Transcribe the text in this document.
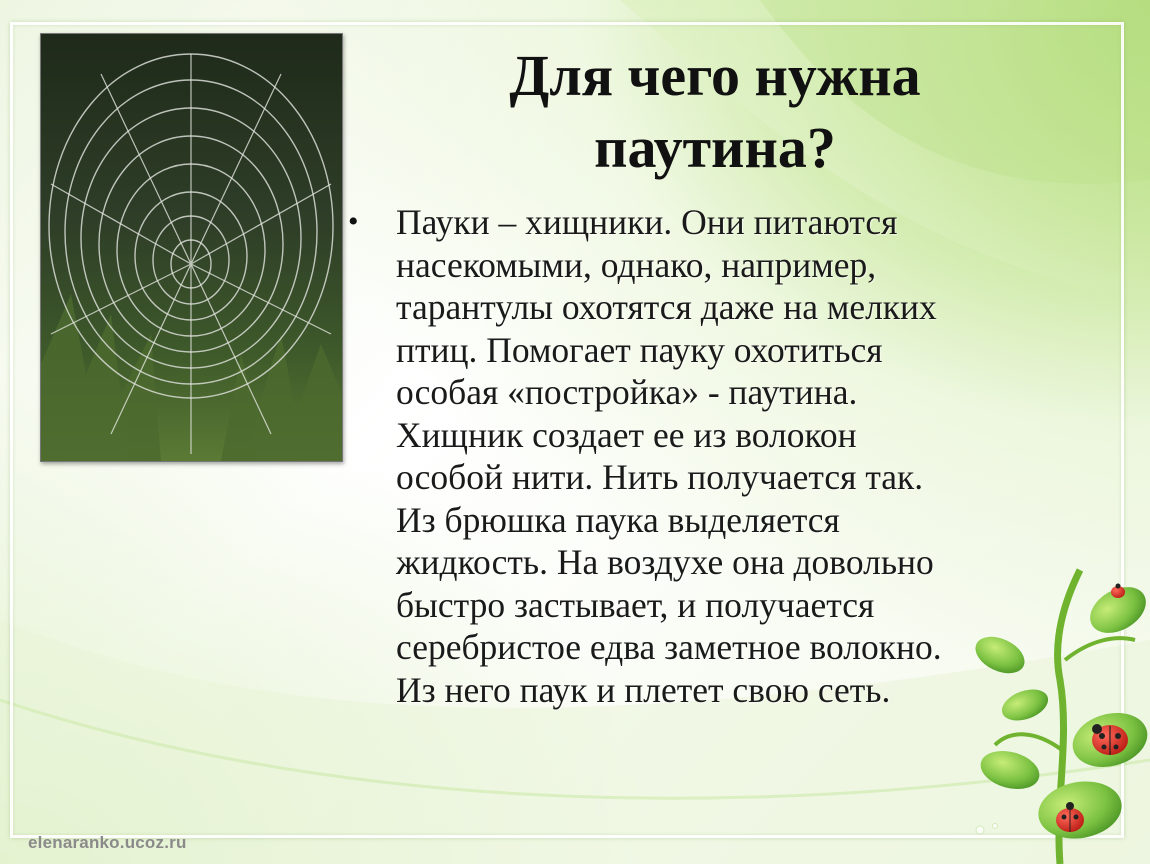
Для чего нужна
паутина?
• Пауки – хищники. Они питаются
насекомыми, однако, например,
тарантулы охотятся даже на мелких
птиц. Помогает пауку охотиться
особая «постройка» - паутина.
Хищник создает ее из волокон
особой нити. Нить получается так.
Из брюшка паука выделяется
жидкость. На воздухе она довольно
быстро застывает, и получается
серебристое едва заметное волокно.
Из него паук и плетет свою сеть.
elenaranko.ucoz.ru
